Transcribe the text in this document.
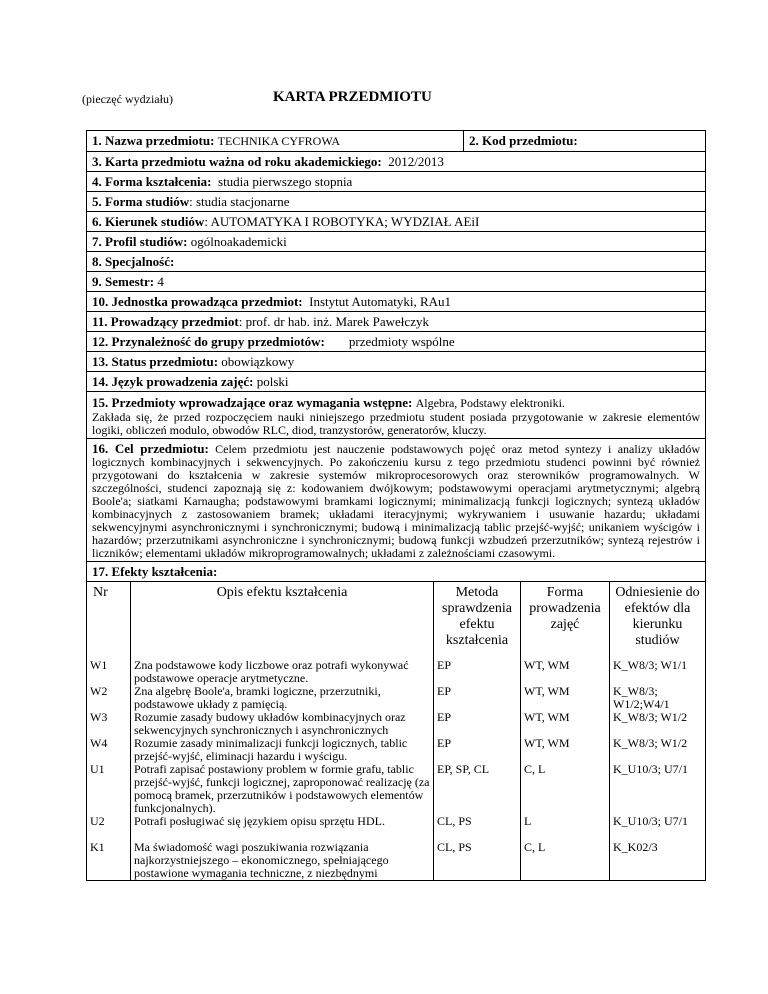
(pieczęć wydziału)	KARTA PRZEDMIOTU
1. Nazwa przedmiotu: TECHNIKA CYFROWA	2. Kod przedmiotu:
3. Karta przedmiotu ważna od roku akademickiego: 2012/2013
4. Forma kształcenia: studia pierwszego stopnia
5. Forma studiów: studia stacjonarne
6. Kierunek studiów: AUTOMATYKA I ROBOTYKA; WYDZIAŁ AEiI
7. Profil studiów: ogólnoakademicki
8. Specjalność:
9. Semestr: 4
10. Jednostka prowadząca przedmiot: Instytut Automatyki, RAu1
11. Prowadzący przedmiot: prof. dr hab. inż. Marek Pawełczyk
12. Przynależność do grupy przedmiotów: przedmioty wspólne
13. Status przedmiotu: obowiązkowy
14. Język prowadzenia zajęć: polski
15. Przedmioty wprowadzające oraz wymagania wstępne: Algebra, Podstawy elektroniki.
Zakłada się, że przed rozpoczęciem nauki niniejszego przedmiotu student posiada przygotowanie w zakresie elementów logiki, obliczeń modulo, obwodów RLC, diod, tranzystorów, generatorów, kluczy.

16. Cel przedmiotu: Celem przedmiotu jest nauczenie podstawowych pojęć oraz metod syntezy i analizy układów logicznych kombinacyjnych i sekwencyjnych. Po zakończeniu kursu z tego przedmiotu studenci powinni być również przygotowani do kształcenia w zakresie systemów mikroprocesorowych oraz sterowników programowalnych. W szczególności, studenci zapoznają się z: kodowaniem dwójkowym; podstawowymi operacjami arytmetycznymi; algebrą Boole'a; siatkami Karnaugha; podstawowymi bramkami logicznymi; minimalizacją funkcji logicznych; syntezą układów kombinacyjnych z zastosowaniem bramek; układami iteracyjnymi; wykrywaniem i usuwanie hazardu; układami sekwencyjnymi asynchronicznymi i synchronicznymi; budową i minimalizacją tablic przejść-wyjść; unikaniem wyścigów i hazardów; przerzutnikami asynchroniczne i synchronicznymi; budową funkcji wzbudzeń przerzutników; syntezą rejestrów i liczników; elementami układów mikroprogramowalnych; układami z zależnościami czasowymi.

17. Efekty kształcenia:
Nr	Opis efektu kształcenia	Metoda sprawdzenia efektu kształcenia	Forma prowadzenia zajęć	Odniesienie do efektów dla kierunku studiów

W1	Zna podstawowe kody liczbowe oraz potrafi wykonywać podstawowe operacje arytmetyczne.	EP	WT, WM	K_W8/3; W1/1
W2	Zna algebrę Boole'a, bramki logiczne, przerzutniki, podstawowe układy z pamięcią.	EP	WT, WM	K_W8/3; W1/2;W4/1
W3	Rozumie zasady budowy układów kombinacyjnych oraz sekwencyjnych synchronicznych i asynchronicznych	EP	WT, WM	K_W8/3; W1/2
W4	Rozumie zasady minimalizacji funkcji logicznych, tablic przejść-wyjść, eliminacji hazardu i wyścigu.	EP	WT, WM	K_W8/3; W1/2
U1	Potrafi zapisać postawiony problem w formie grafu, tablic przejść-wyjść, funkcji logicznej, zaproponować realizację (za pomocą bramek, przerzutników i podstawowych elementów funkcjonalnych).	EP, SP, CL	C, L	K_U10/3; U7/1
U2	Potrafi posługiwać się językiem opisu sprzętu HDL.	CL, PS	L	K_U10/3; U7/1
K1	Ma świadomość wagi poszukiwania rozwiązania najkorzystniejszego – ekonomicznego, spełniającego postawione wymagania techniczne, z niezbędnymi	CL, PS	C, L	K_K02/3
